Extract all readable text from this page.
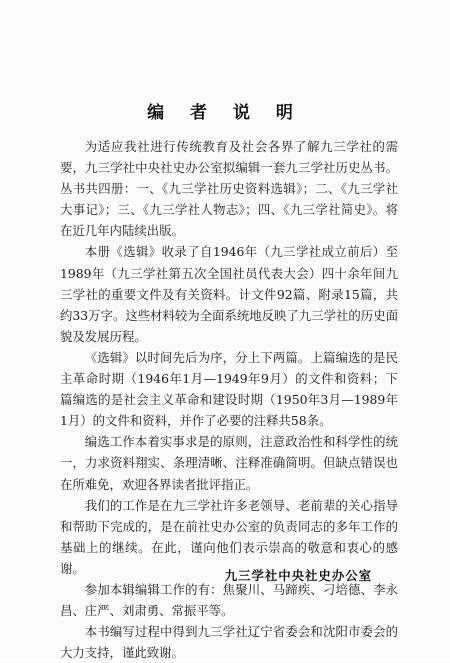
编 者 说 明

为适应我社进行传统教育及社会各界了解九三学社的需要，九三学社中央社史办公室拟编辑一套九三学社历史丛书。丛书共四册：一、《九三学社历史资料选辑》；二、《九三学社大事记》；三、《九三学社人物志》；四、《九三学社简史》。将在近几年内陆续出版。

本册《选辑》收录了自1946年（九三学社成立前后）至1989年（九三学社第五次全国社员代表大会）四十余年间九三学社的重要文件及有关资料。计文件92篇、附录15篇，共约33万字。这些材料较为全面系统地反映了九三学社的历史面貌及发展历程。

《选辑》以时间先后为序，分上下两篇。上篇编选的是民主革命时期（1946年1月—1949年9月）的文件和资料；下篇编选的是社会主义革命和建设时期（1950年3月—1989年1月）的文件和资料，并作了必要的注释共58条。

编选工作本着实事求是的原则，注意政治性和科学性的统一，力求资料翔实、条理清晰、注释准确简明。但缺点错误也在所难免，欢迎各界读者批评指正。

我们的工作是在九三学社许多老领导、老前辈的关心指导和帮助下完成的，是在前社史办公室的负责同志的多年工作的基础上的继续。在此，谨向他们表示崇高的敬意和衷心的感谢。

参加本辑编辑工作的有：焦聚川、马蹄疾、刁培德、李永昌、庄严、刘肃勇、常振平等。

本书编写过程中得到九三学社辽宁省委会和沈阳市委会的大力支持，谨此致谢。

九三学社中央社史办公室
